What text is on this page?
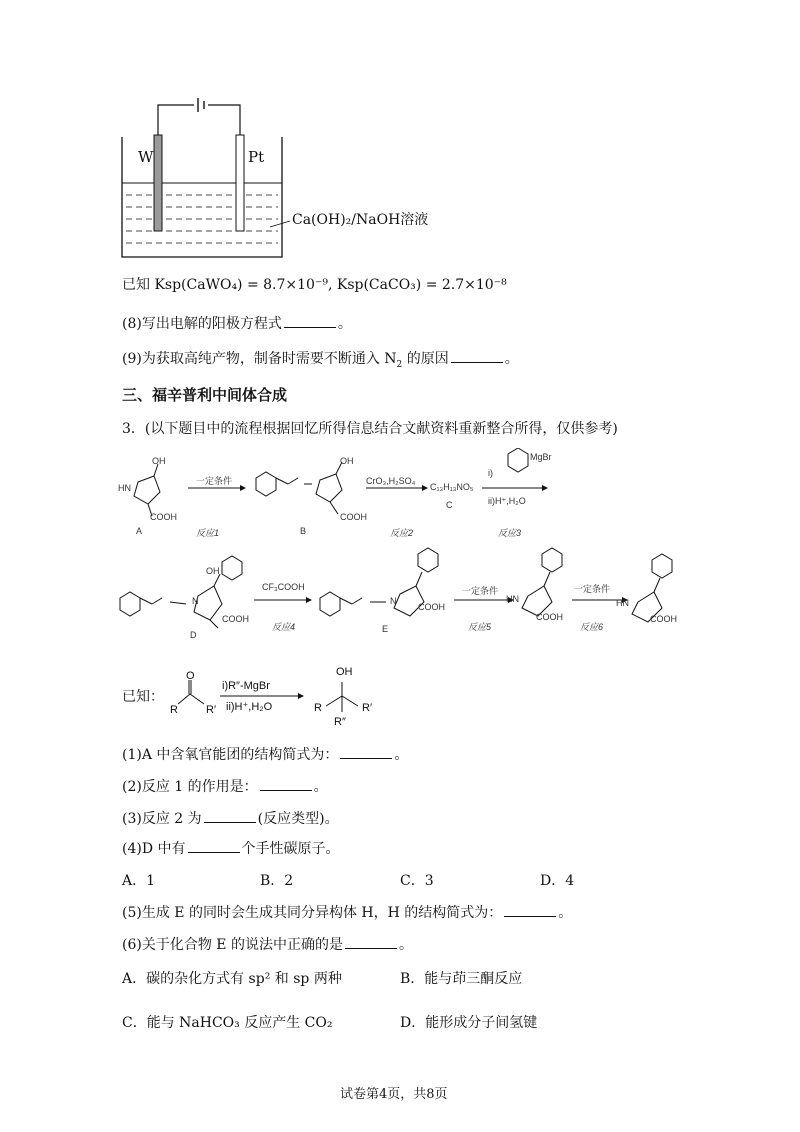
W	Pt
Ca(OH)₂/NaOH溶液
已知 Ksp(CaWO₄) = 8.7×10⁻⁹, Ksp(CaCO₃) = 2.7×10⁻⁸
(8)写出电解的阳极方程式	。
(9)为获取高纯产物，制备时需要不断通入 $N_2$ 的原因	。
三、福辛普利中间体合成
3．(以下题目中的流程根据回忆所得信息结合文献资料重新整合所得，仅供参考)
OH
HN
COOH
A
一定条件
反应1
OH
COOH
B
CrO₃,H₂SO₄
C₁₃H₁₃NO₅
C
反应2
i)
MgBr
ii)H⁺,H₂O
反应3
OH
N
COOH
D
CF₃COOH
反应4
N
COOH
E
一定条件
反应5
HN
COOH
一定条件
反应6
HN
COOH
已知：
O
R	R′
i)R″-MgBr
ii)H⁺,H₂O
OH
R	R′
R″
(1)A 中含氧官能团的结构简式为：	。
(2)反应 1 的作用是：	。
(3)反应 2 为	(反应类型)。
(4)D 中有	个手性碳原子。
A．1	B．2	C．3	D．4
(5)生成 E 的同时会生成其同分异构体 H，H 的结构简式为：	。
(6)关于化合物 E 的说法中正确的是	。
A．碳的杂化方式有 sp² 和 sp 两种	B．能与茚三酮反应
C．能与 NaHCO₃ 反应产生 CO₂	D．能形成分子间氢键
试卷第4页，共8页
